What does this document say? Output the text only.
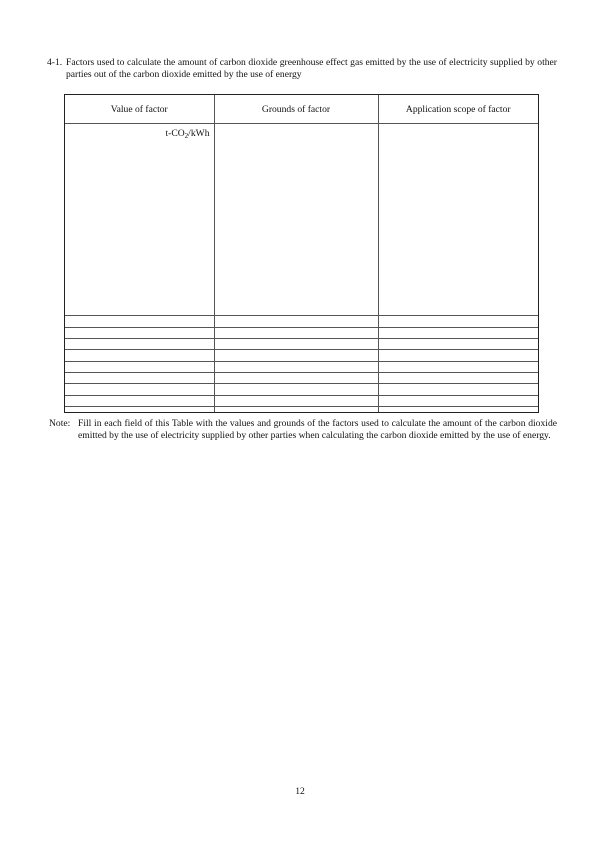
4-1. Factors used to calculate the amount of carbon dioxide greenhouse effect gas emitted by the use of electricity supplied by other parties out of the carbon dioxide emitted by the use of energy
Value of factor	Grounds of factor	Application scope of factor
$t-CO_2$/kWh		

Note: Fill in each field of this Table with the values and grounds of the factors used to calculate the amount of the carbon dioxide emitted by the use of electricity supplied by other parties when calculating the carbon dioxide emitted by the use of energy.
12
